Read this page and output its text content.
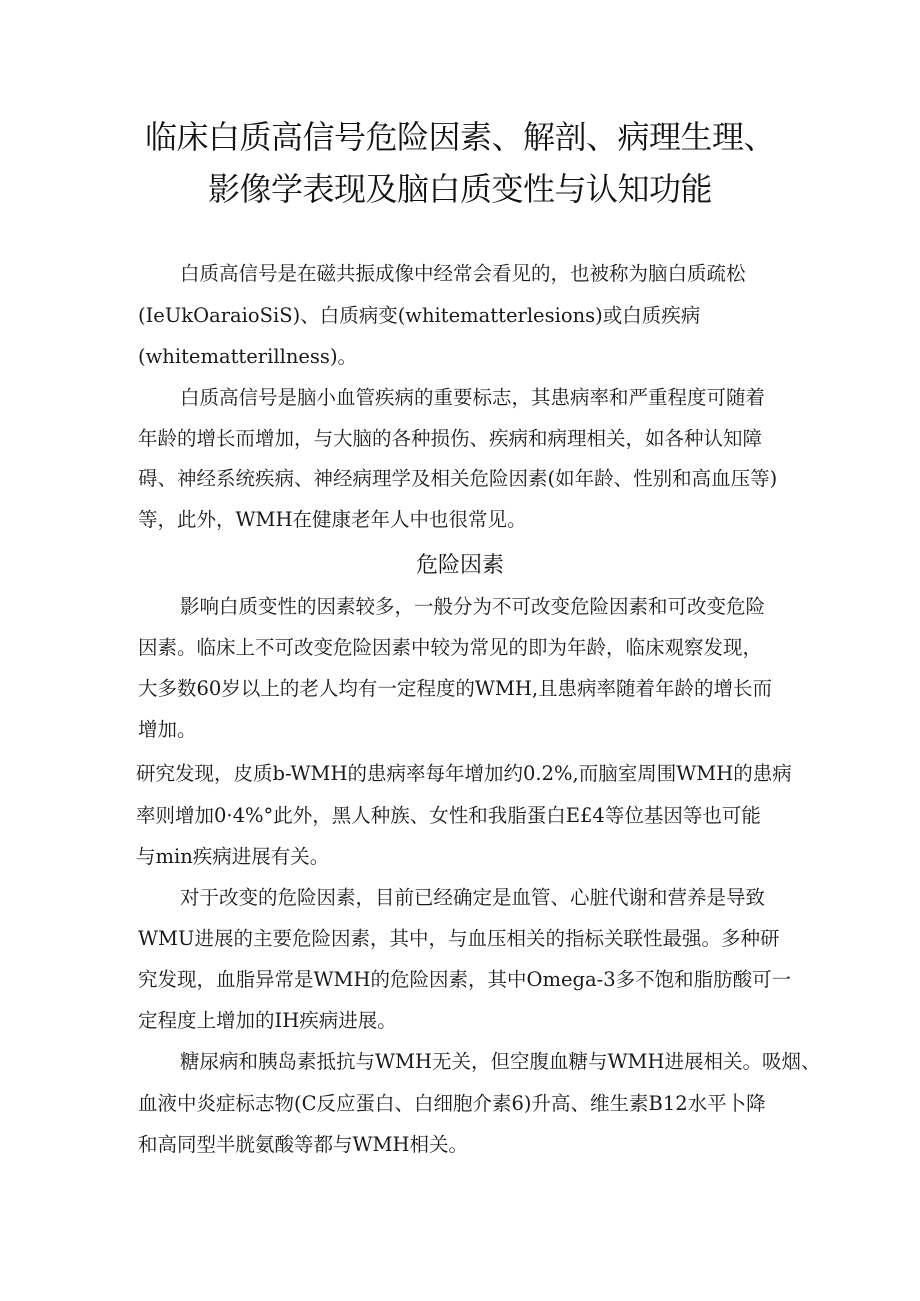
临床白质高信号危险因素、解剖、病理生理、
影像学表现及脑白质变性与认知功能
白质高信号是在磁共振成像中经常会看见的，也被称为脑白质疏松
(IeUkOaraioSiS)、白质病变(whitematterlesions)或白质疾病
(whitematterillness)。
白质高信号是脑小血管疾病的重要标志，其患病率和严重程度可随着
年龄的增长而增加，与大脑的各种损伤、疾病和病理相关，如各种认知障
碍、神经系统疾病、神经病理学及相关危险因素(如年龄、性别和高血压等)
等，此外，WMH在健康老年人中也很常见。
危险因素
影响白质变性的因素较多，一般分为不可改变危险因素和可改变危险
因素。临床上不可改变危险因素中较为常见的即为年龄，临床观察发现，
大多数60岁以上的老人均有一定程度的WMH,且患病率随着年龄的增长而
增加。
研究发现，皮质b-WMH的患病率每年增加约0.2%,而脑室周围WMH的患病
率则增加0·4%°此外，黑人种族、女性和我脂蛋白E£4等位基因等也可能
与min疾病进展有关。
对于改变的危险因素，目前已经确定是血管、心脏代谢和营养是导致
WMU进展的主要危险因素，其中，与血压相关的指标关联性最强。多种研
究发现，血脂异常是WMH的危险因素，其中Omega-3多不饱和脂肪酸可一
定程度上增加的IH疾病进展。
糖尿病和胰岛素抵抗与WMH无关，但空腹血糖与WMH进展相关。吸烟、
血液中炎症标志物(C反应蛋白、白细胞介素6)升高、维生素B12水平卜降
和高同型半胱氨酸等都与WMH相关。
